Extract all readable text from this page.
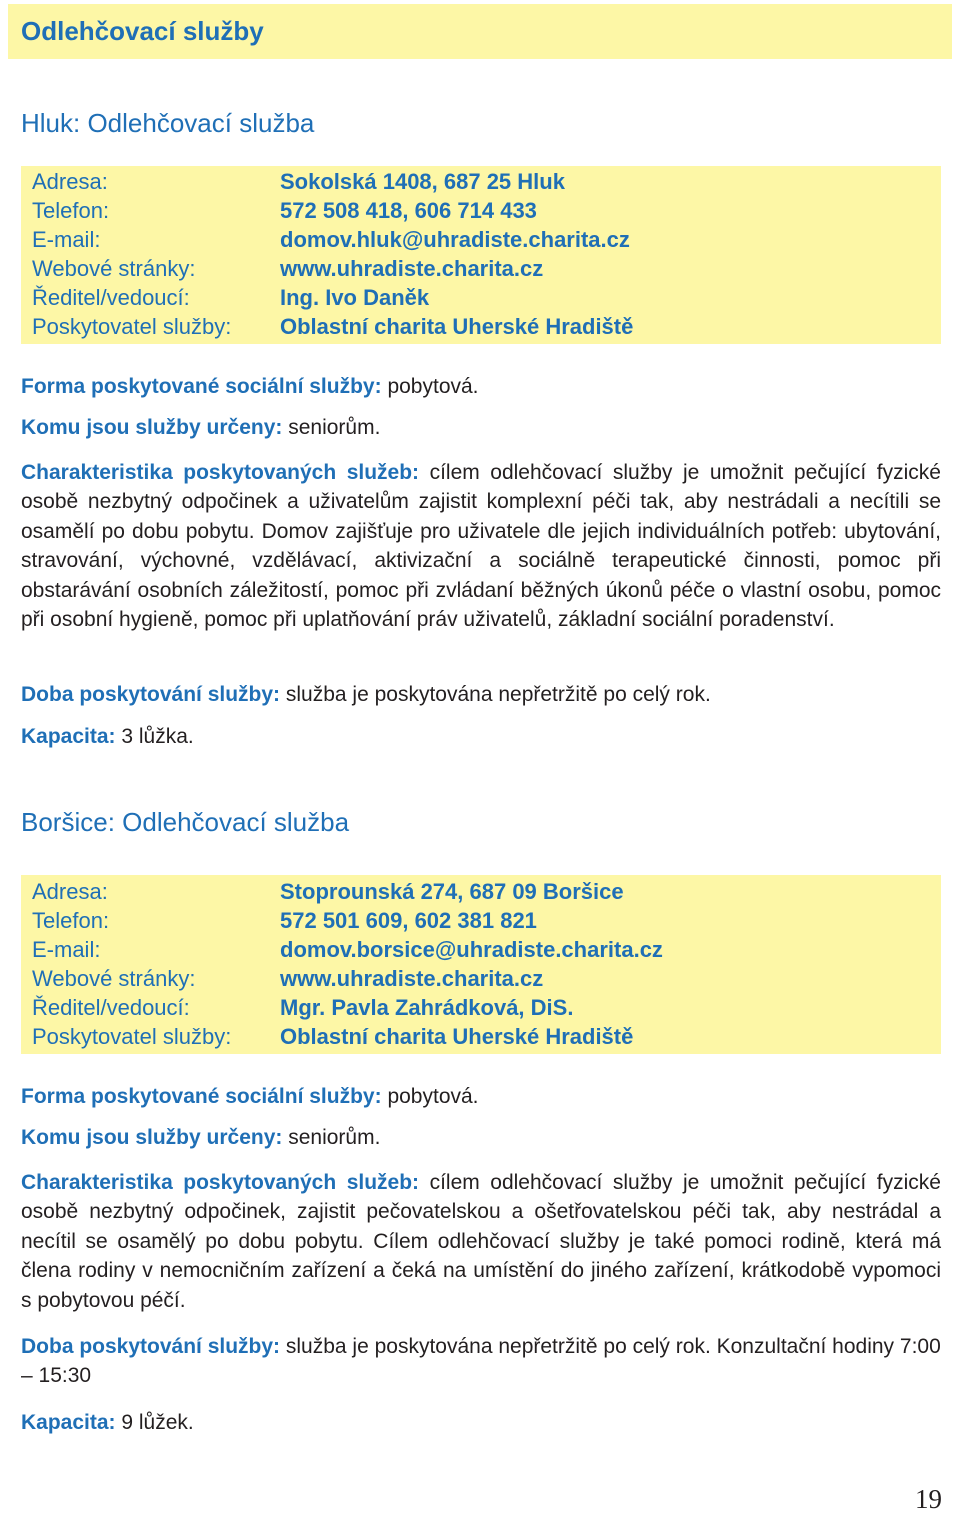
Odlehčovací služby
Hluk: Odlehčovací služba
Adresa:	Sokolská 1408, 687 25 Hluk
Telefon:	572 508 418, 606 714 433
E-mail:	domov.hluk@uhradiste.charita.cz
Webové stránky:	www.uhradiste.charita.cz
Ředitel/vedoucí:	Ing. Ivo Daněk
Poskytovatel služby: Oblastní charita Uherské Hradiště
Forma poskytované sociální služby: pobytová.
Komu jsou služby určeny: seniorům.
Charakteristika poskytovaných služeb: cílem odlehčovací služby je umožnit pečující fyzické osobě nezbytný odpočinek a uživatelům zajistit komplexní péči tak, aby nestrádali a necítili se osamělí po dobu pobytu. Domov zajišťuje pro uživatele dle jejich individuálních potřeb: ubytování, stravování, výchovné, vzdělávací, aktivizační a sociálně terapeutické činnosti, pomoc při obstarávání osobních záležitostí, pomoc při zvládaní běžných úkonů péče o vlastní osobu, pomoc při osobní hygieně, pomoc při uplatňování práv uživatelů, základní sociální poradenství.
Doba poskytování služby: služba je poskytována nepřetržitě po celý rok.
Kapacita: 3 lůžka.
Boršice: Odlehčovací služba
Adresa:	Stoprounská 274, 687 09 Boršice
Telefon:	572 501 609, 602 381 821
E-mail:	domov.borsice@uhradiste.charita.cz
Webové stránky:	www.uhradiste.charita.cz
Ředitel/vedoucí:	Mgr. Pavla Zahrádková, DiS.
Poskytovatel služby: Oblastní charita Uherské Hradiště
Forma poskytované sociální služby: pobytová.
Komu jsou služby určeny: seniorům.
Charakteristika poskytovaných služeb: cílem odlehčovací služby je umožnit pečující fyzické osobě nezbytný odpočinek, zajistit pečovatelskou a ošetřovatelskou péči tak, aby nestrádal a necítil se osamělý po dobu pobytu. Cílem odlehčovací služby je také pomoci rodině, která má člena rodiny v nemocničním zařízení a čeká na umístění do jiného zařízení, krátkodobě vypomoci s pobytovou péčí.
Doba poskytování služby: služba je poskytována nepřetržitě po celý rok. Konzultační hodiny 7:00 – 15:30
Kapacita: 9 lůžek.
19
